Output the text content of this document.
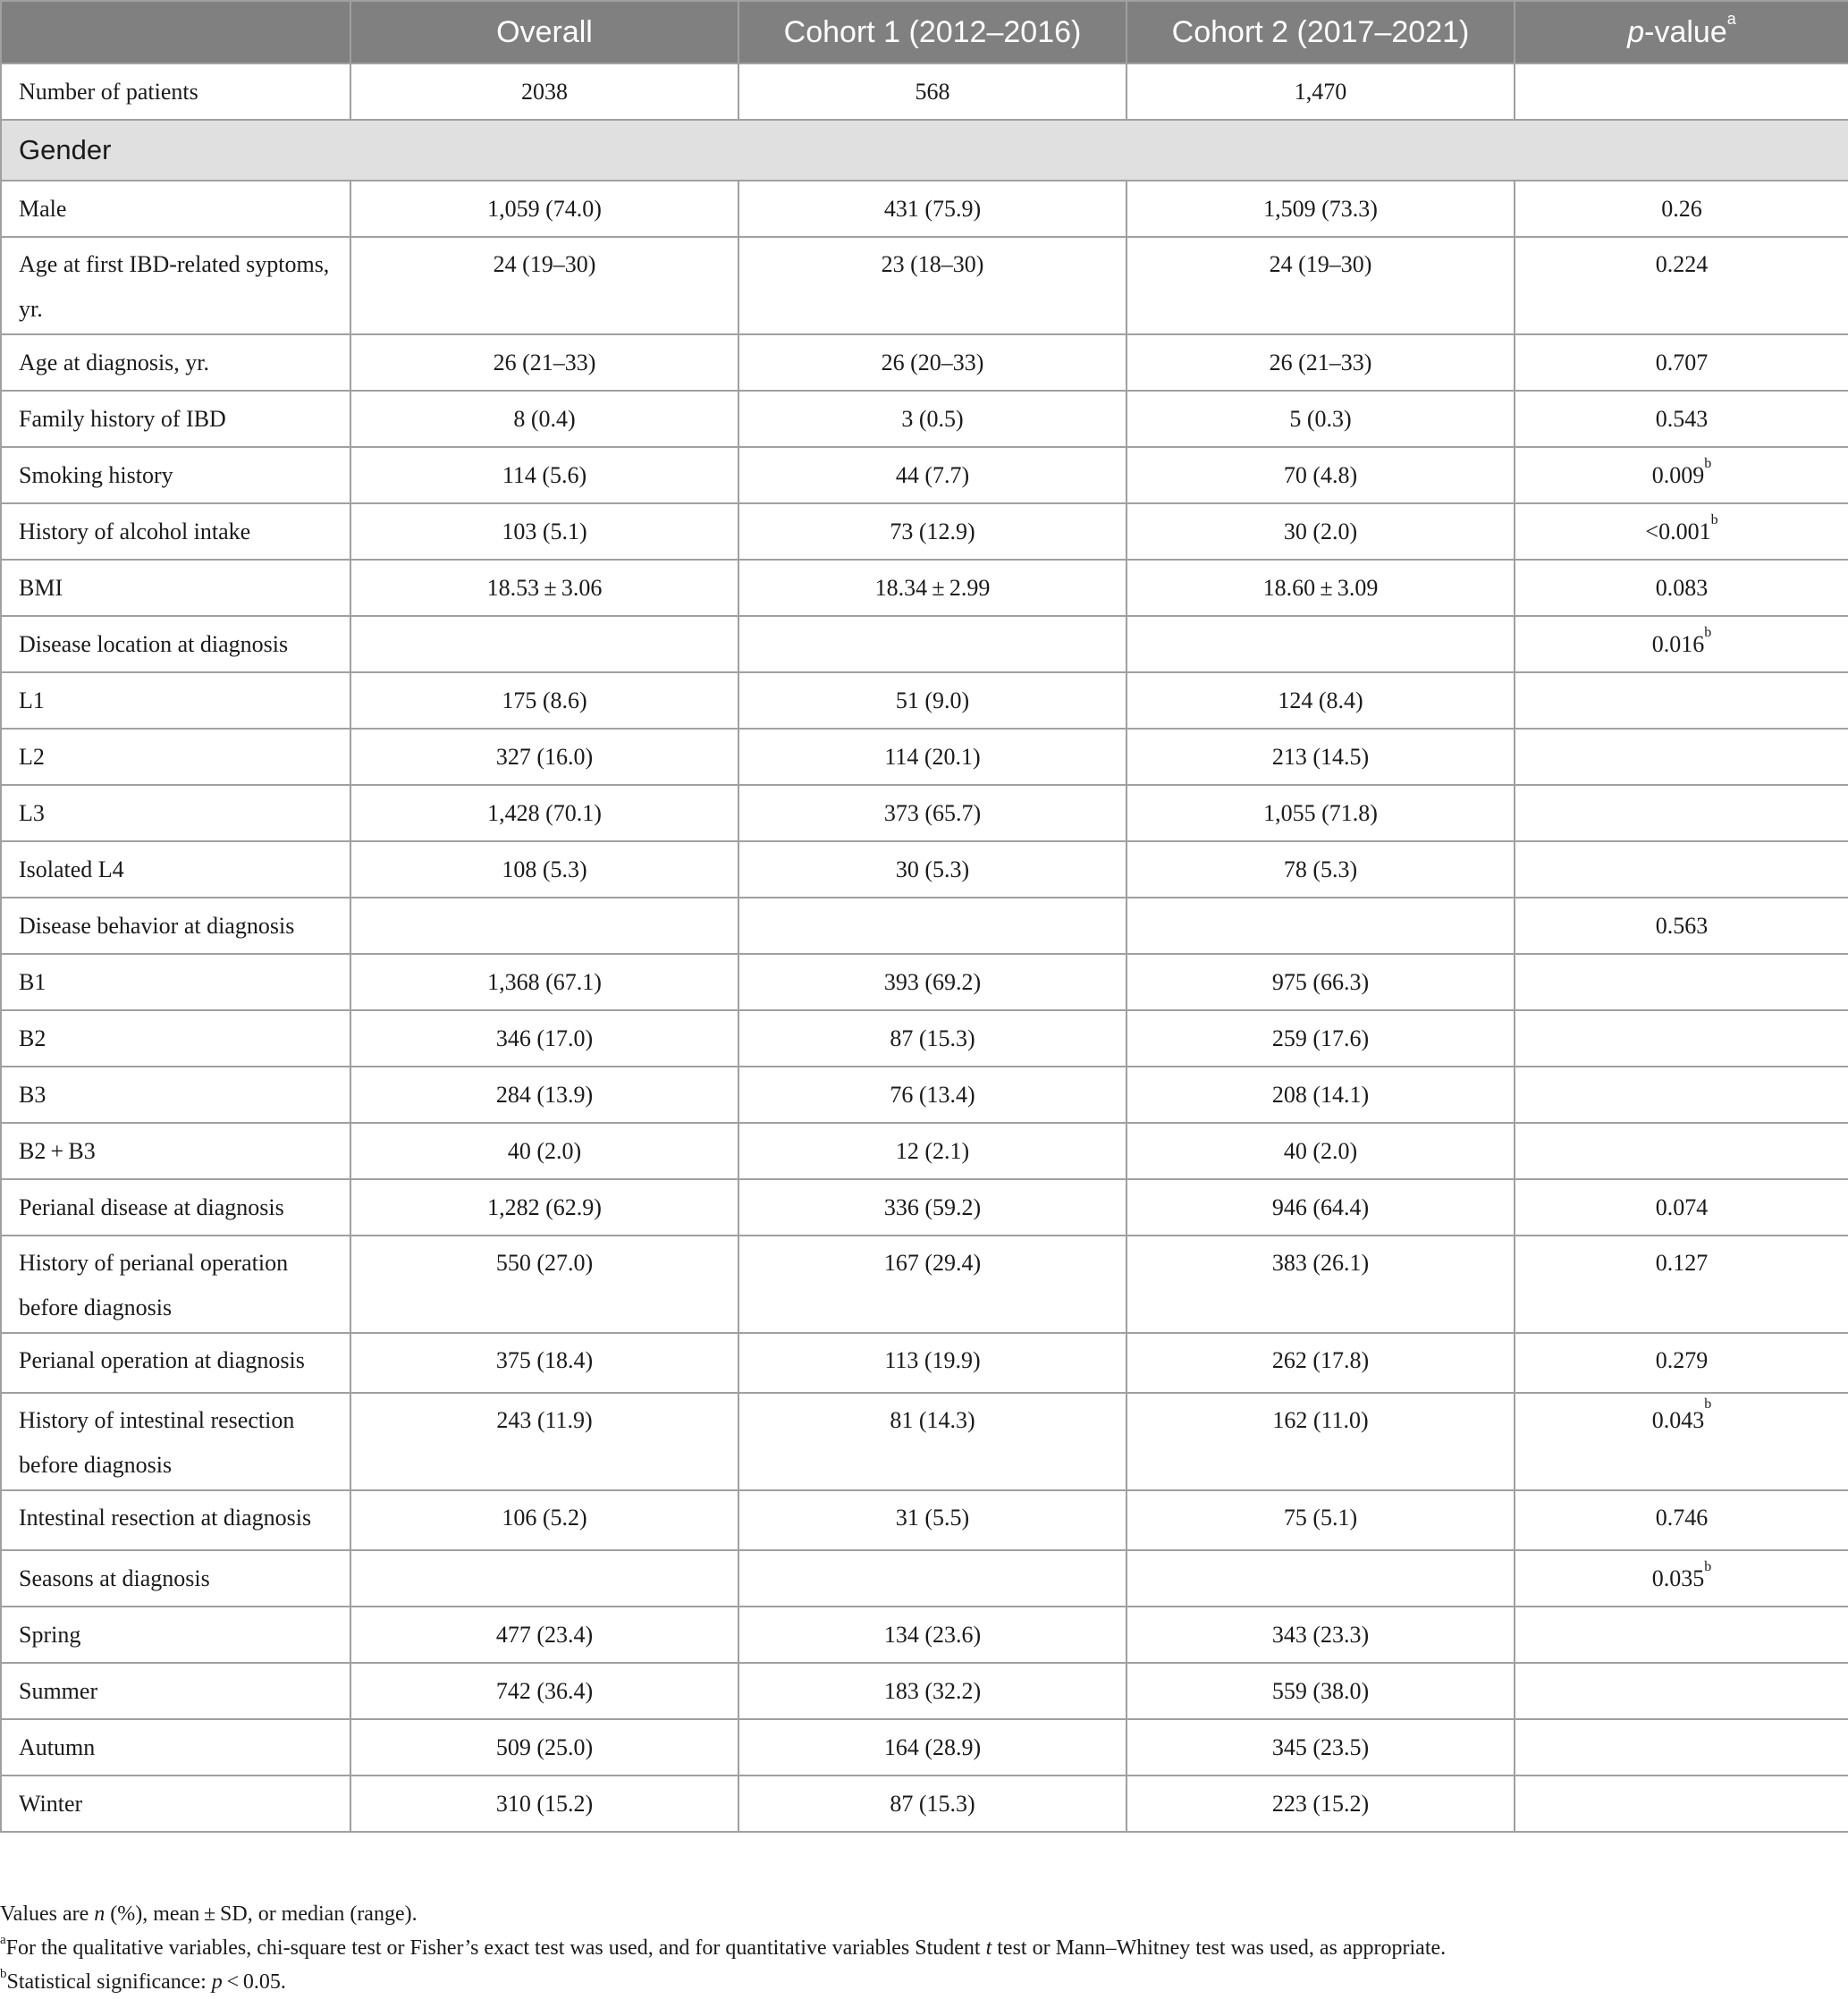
	Overall	Cohort 1 (2012–2016)	Cohort 2 (2017–2021)	p-value$^a$
Number of patients	2038	568	1,470	
Gender				
Male	1,059 (74.0)	431 (75.9)	1,509 (73.3)	0.26
Age at first IBD-related syptoms, yr.	24 (19–30)	23 (18–30)	24 (19–30)	0.224
Age at diagnosis, yr.	26 (21–33)	26 (20–33)	26 (21–33)	0.707
Family history of IBD	8 (0.4)	3 (0.5)	5 (0.3)	0.543
Smoking history	114 (5.6)	44 (7.7)	70 (4.8)	0.009$^b$
History of alcohol intake	103 (5.1)	73 (12.9)	30 (2.0)	<0.001$^b$
BMI	18.53 ± 3.06	18.34 ± 2.99	18.60 ± 3.09	0.083
Disease location at diagnosis				0.016$^b$
L1	175 (8.6)	51 (9.0)	124 (8.4)	
L2	327 (16.0)	114 (20.1)	213 (14.5)	
L3	1,428 (70.1)	373 (65.7)	1,055 (71.8)	
Isolated L4	108 (5.3)	30 (5.3)	78 (5.3)	
Disease behavior at diagnosis				0.563
B1	1,368 (67.1)	393 (69.2)	975 (66.3)	
B2	346 (17.0)	87 (15.3)	259 (17.6)	
B3	284 (13.9)	76 (13.4)	208 (14.1)	
B2 + B3	40 (2.0)	12 (2.1)	40 (2.0)	
Perianal disease at diagnosis	1,282 (62.9)	336 (59.2)	946 (64.4)	0.074
History of perianal operation before diagnosis	550 (27.0)	167 (29.4)	383 (26.1)	0.127
Perianal operation at diagnosis	375 (18.4)	113 (19.9)	262 (17.8)	0.279
History of intestinal resection before diagnosis	243 (11.9)	81 (14.3)	162 (11.0)	0.043$^b$
Intestinal resection at diagnosis	106 (5.2)	31 (5.5)	75 (5.1)	0.746
Seasons at diagnosis				0.035$^b$
Spring	477 (23.4)	134 (23.6)	343 (23.3)	
Summer	742 (36.4)	183 (32.2)	559 (38.0)	
Autumn	509 (25.0)	164 (28.9)	345 (23.5)	
Winter	310 (15.2)	87 (15.3)	223 (15.2)	

Values are n (%), mean ± SD, or median (range).

$^a$For the qualitative variables, chi-square test or Fisher’s exact test was used, and for quantitative variables Student t test or Mann–Whitney test was used, as appropriate.

$^b$Statistical significance: p < 0.05.
